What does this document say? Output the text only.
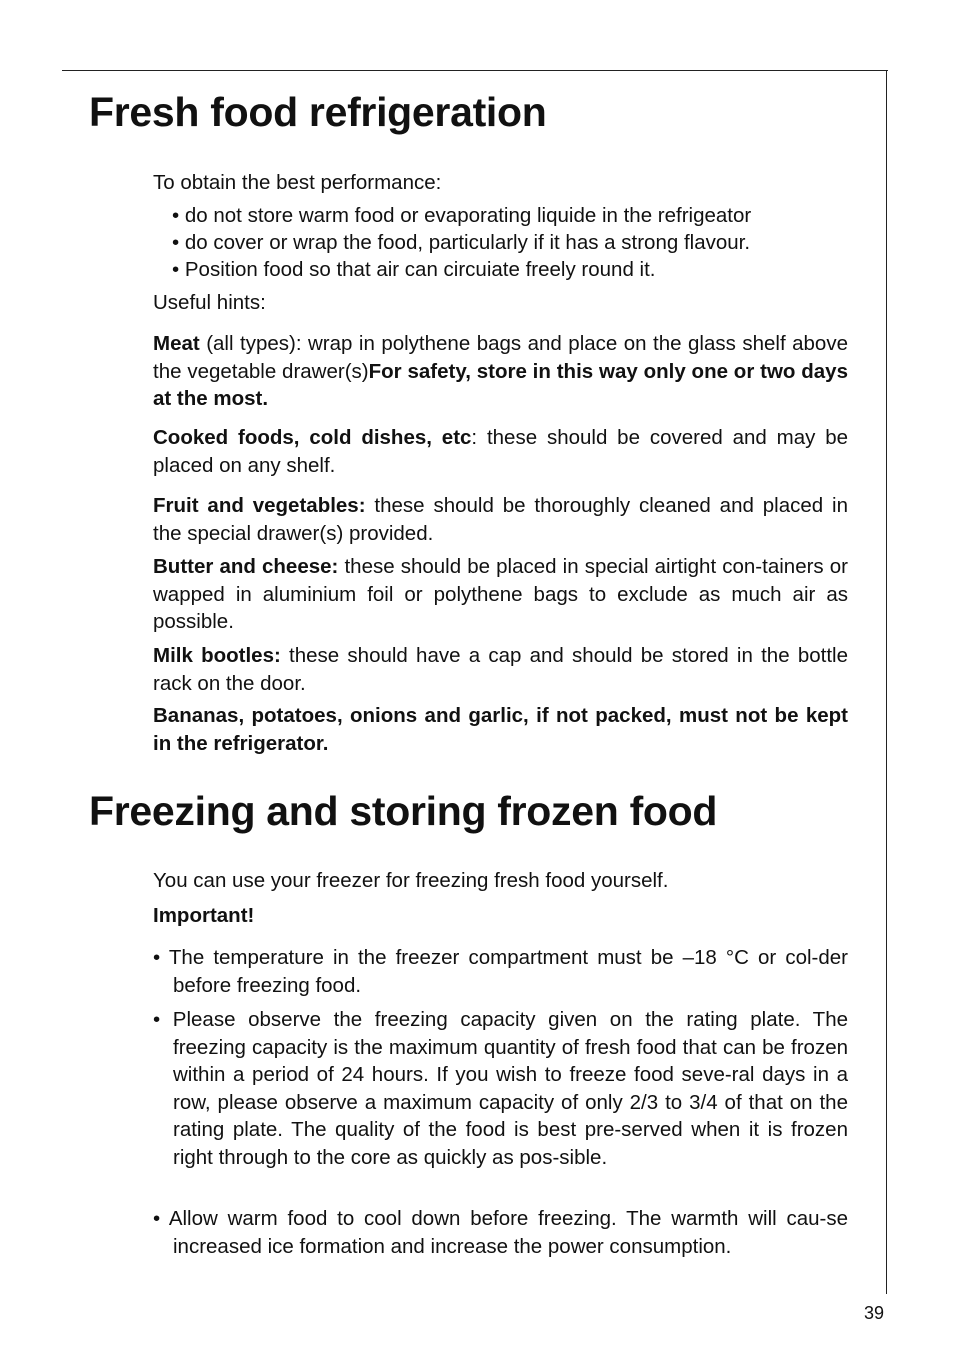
Fresh food refrigeration

To obtain the best performance:

• do not store warm food or evaporating liquide in the refrigeator

• do cover or wrap the food, particularly if it has a strong flavour.

• Position food so that air can circuiate freely round it.

Useful hints:

Meat (all types): wrap in polythene bags and place on the glass shelf above the vegetable drawer(s)For safety, store in this way only one or two days at the most.

Cooked foods, cold dishes, etc: these should be covered and may be placed on any shelf.

Fruit and vegetables: these should be thoroughly cleaned and placed in the special drawer(s) provided.

Butter and cheese: these should be placed in special airtight con-tainers or wapped in aluminium foil or polythene bags to exclude as much air as possible.

Milk bootles: these should have a cap and should be stored in the bottle rack on the door.

Bananas, potatoes, onions and garlic, if not packed, must not be kept in the refrigerator.

Freezing and storing frozen food

You can use your freezer for freezing fresh food yourself.

Important!

• The temperature in the freezer compartment must be –18 °C or col-der before freezing food.

• Please observe the freezing capacity given on the rating plate. The freezing capacity is the maximum quantity of fresh food that can be frozen within a period of 24 hours. If you wish to freeze food seve-ral days in a row, please observe a maximum capacity of only 2/3 to 3/4 of that on the rating plate. The quality of the food is best pre-served when it is frozen right through to the core as quickly as pos-sible.

• Allow warm food to cool down before freezing. The warmth will cau-se increased ice formation and increase the power consumption.

39
